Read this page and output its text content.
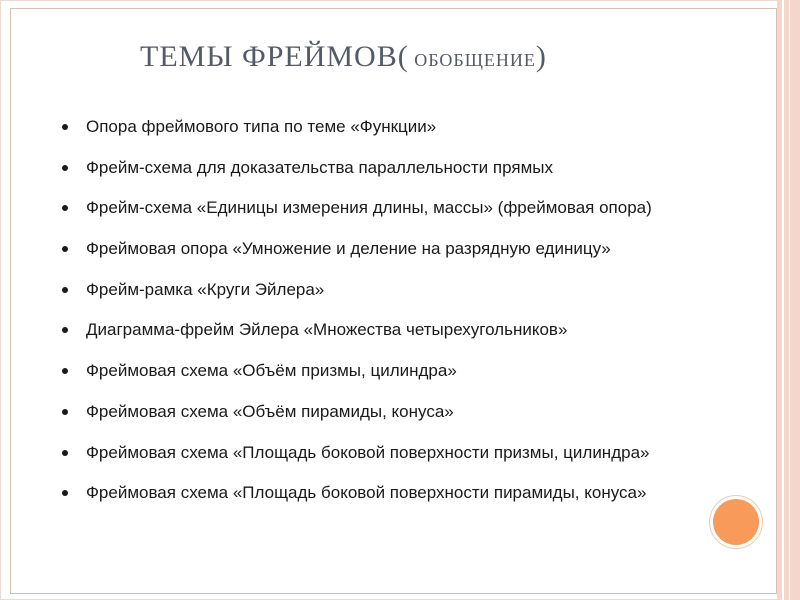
ТЕМЫ ФРЕЙМОВ( ОБОБЩЕНИЕ)
Опора фреймового типа по теме «Функции»
Фрейм-схема для доказательства параллельности прямых
Фрейм-схема «Единицы измерения длины, массы» (фреймовая опора)
Фреймовая опора «Умножение и деление на разрядную единицу»
Фрейм-рамка «Круги Эйлера»
Диаграмма-фрейм Эйлера «Множества четырехугольников»
Фреймовая схема «Объём призмы, цилиндра»
Фреймовая схема «Объём пирамиды, конуса»
Фреймовая схема «Площадь боковой поверхности призмы, цилиндра»
Фреймовая схема «Площадь боковой поверхности пирамиды, конуса»
